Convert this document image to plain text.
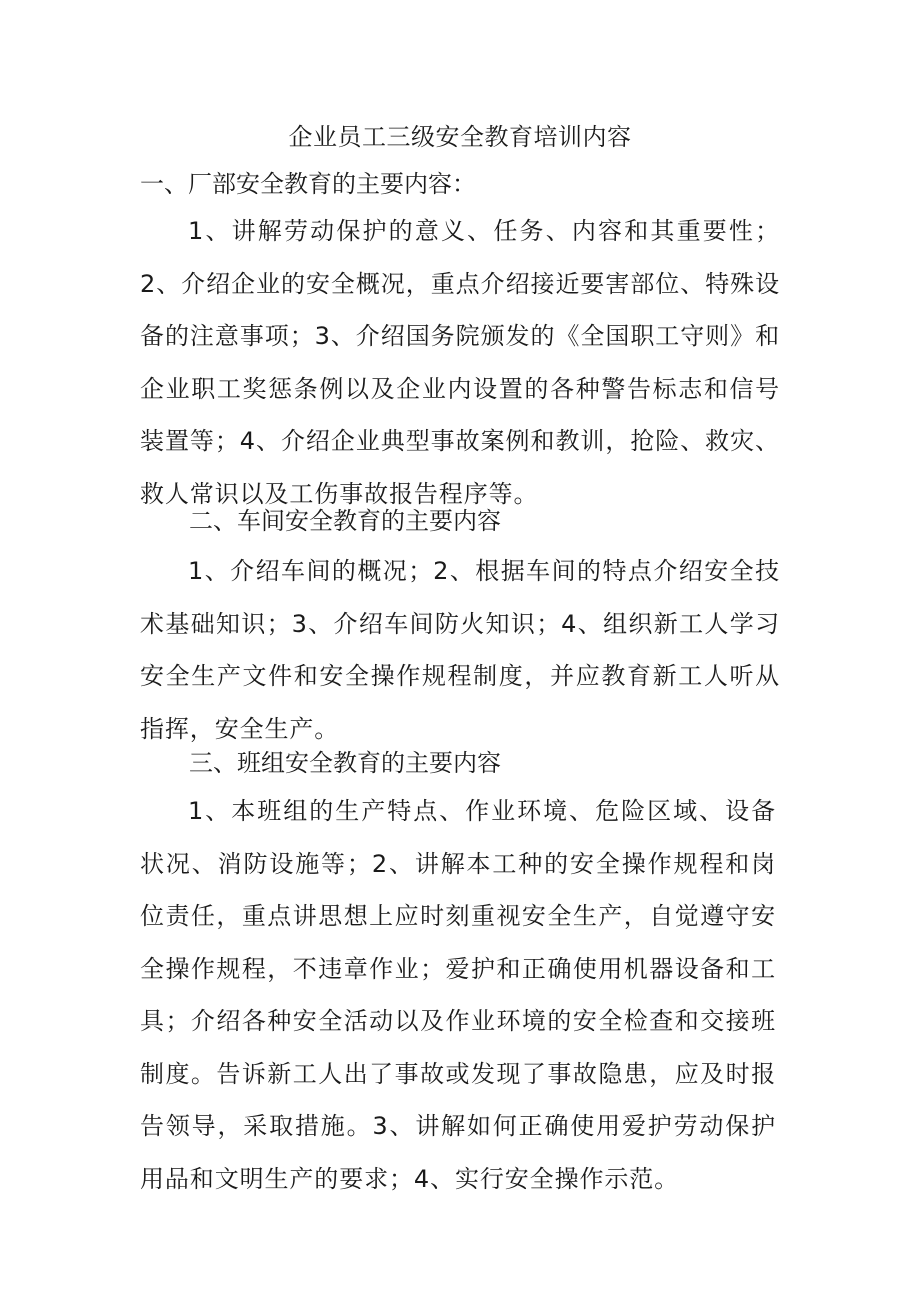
企业员工三级安全教育培训内容
一、厂部安全教育的主要内容：
1、讲解劳动保护的意义、任务、内容和其重要性；2、介绍企业的安全概况，重点介绍接近要害部位、特殊设备的注意事项；3、介绍国务院颁发的《全国职工守则》和企业职工奖惩条例以及企业内设置的各种警告标志和信号装置等；4、介绍企业典型事故案例和教训，抢险、救灾、救人常识以及工伤事故报告程序等。
二、车间安全教育的主要内容
1、介绍车间的概况；2、根据车间的特点介绍安全技术基础知识；3、介绍车间防火知识；4、组织新工人学习安全生产文件和安全操作规程制度，并应教育新工人听从指挥，安全生产。
三、班组安全教育的主要内容
1、本班组的生产特点、作业环境、危险区域、设备状况、消防设施等；2、讲解本工种的安全操作规程和岗位责任，重点讲思想上应时刻重视安全生产，自觉遵守安全操作规程，不违章作业；爱护和正确使用机器设备和工具；介绍各种安全活动以及作业环境的安全检查和交接班制度。告诉新工人出了事故或发现了事故隐患，应及时报告领导，采取措施。3、讲解如何正确使用爱护劳动保护用品和文明生产的要求；4、实行安全操作示范。
